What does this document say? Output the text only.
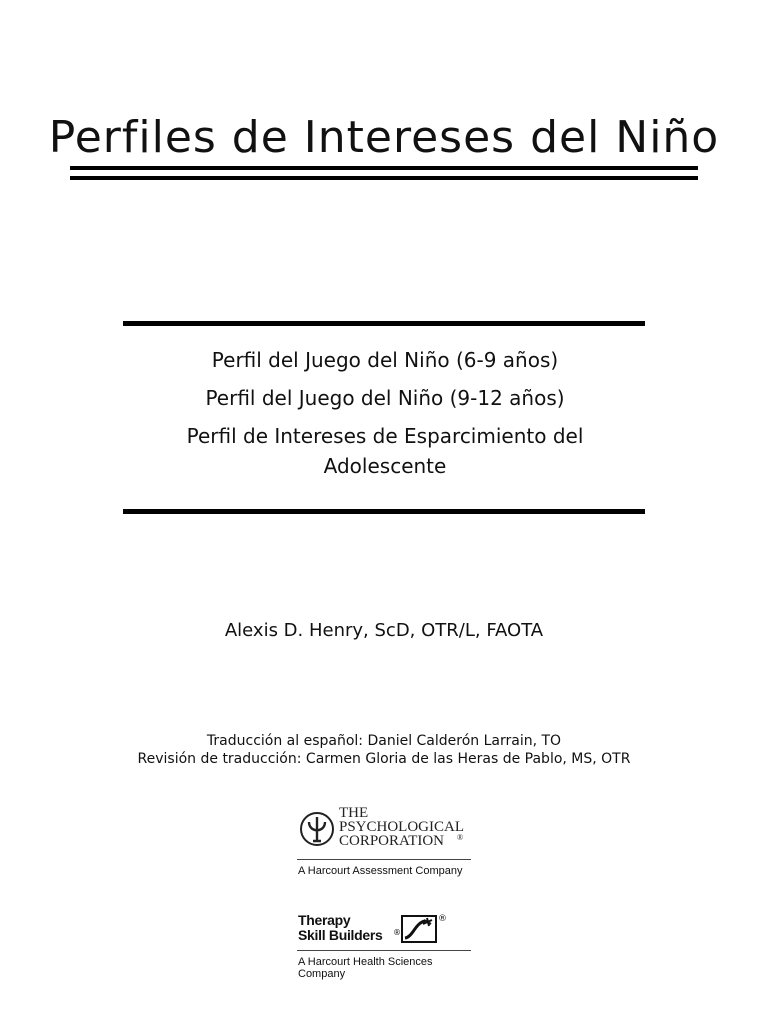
Perfiles de Intereses del Niño
Perfil del Juego del Niño (6-9 años)
Perfil del Juego del Niño (9-12 años)
Perfil de Intereses de Esparcimiento del
Adolescente
Alexis D. Henry, ScD, OTR/L, FAOTA
Traducción al español: Daniel Calderón Larrain, TO
Revisión de traducción: Carmen Gloria de las Heras de Pablo, MS, OTR
THE
PSYCHOLOGICAL
CORPORATION ®
A Harcourt Assessment Company
Therapy
Skill Builders ®
®
A Harcourt Health Sciences Company
